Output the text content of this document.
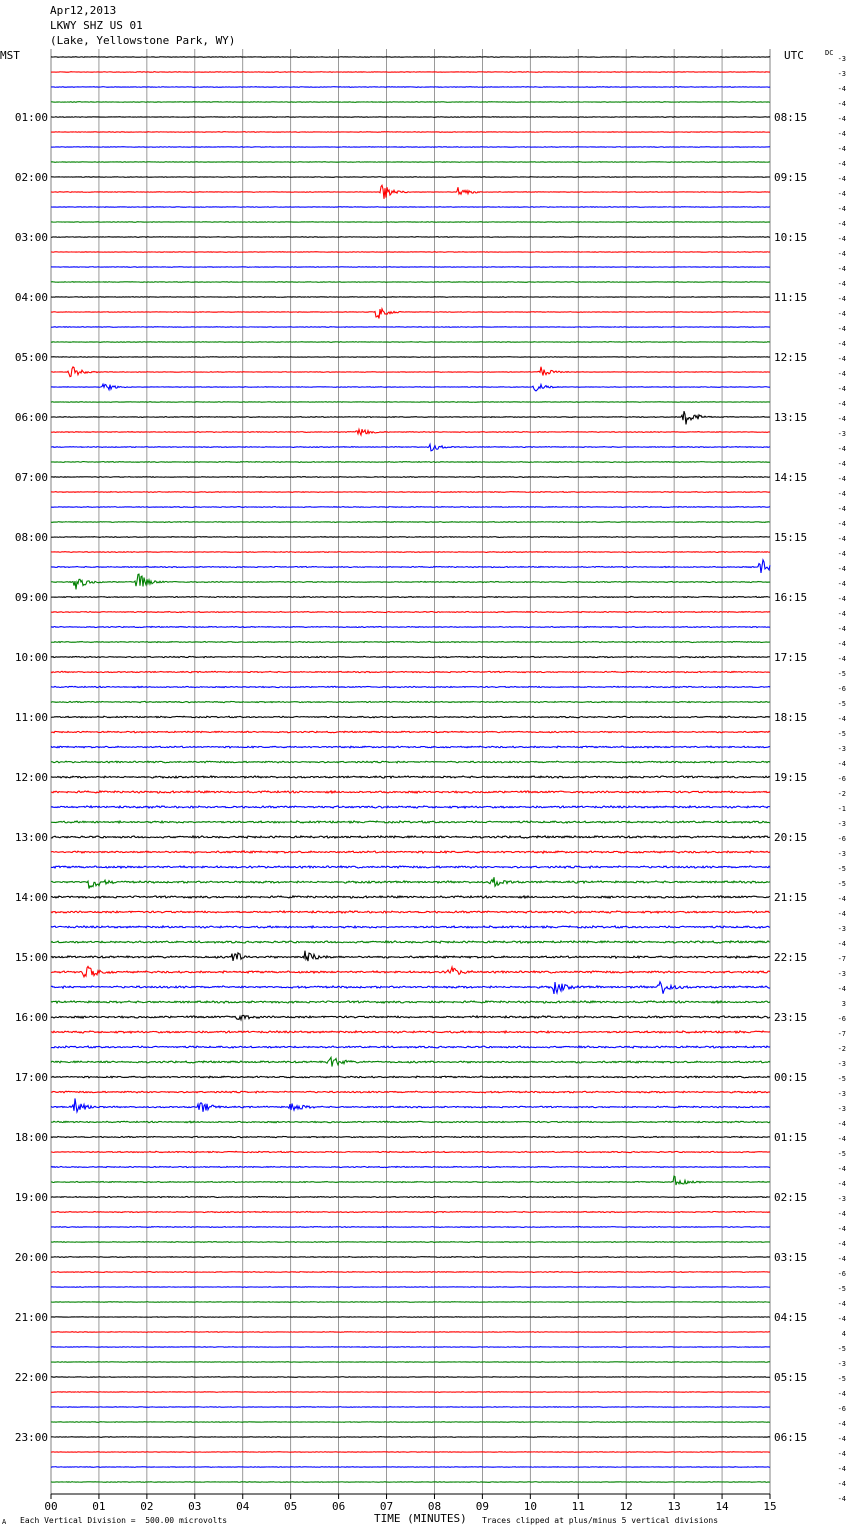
Apr12,2013
LKWY SHZ US 01
(Lake, Yellowstone Park, WY)
MST	UTC	DC
01:00
02:00
03:00
04:00
05:00
06:00
07:00
08:00
09:00
10:00
11:00
12:00
13:00
14:00
15:00
16:00
17:00
18:00
19:00
20:00
21:00
22:00
23:00
08:15
09:15
10:15
11:15
12:15
13:15
14:15
15:15
16:15
17:15
18:15
19:15
20:15
21:15
22:15
23:15
00:15
01:15
02:15
03:15
04:15
05:15
06:15
-3
-3
-4
-4
-4
-4
-4
-4
-4
-4
-4
-4
-4
-4
-4
-4
-4
-4
-4
-4
-4
-4
-4
-4
-4
-3
-4
-4
-4
-4
-4
-4
-4
-4
-4
-4
-4
-4
-4
-4
-4
-5
-6
-5
-4
-5
-3
-4
-6
-2
-1
-3
-6
-3
-5
-5
-4
-4
-3
-4
-7
-3
-4
3
-6
-7
-2
-3
-5
-3
-3
-4
-4
-5
-4
-4
-3
-4
-4
-4
-4
-6
-5
-4
-4
4
-5
-3
-5
-4
-6
-4
-4
-4
-4
-4
-4
00	01	02	03	04	05	06	07	08	09	10	11	12	13	14	15
A Each Vertical Division =  500.00 microvolts	TIME (MINUTES) Traces clipped at plus/minus 5 vertical divisions
